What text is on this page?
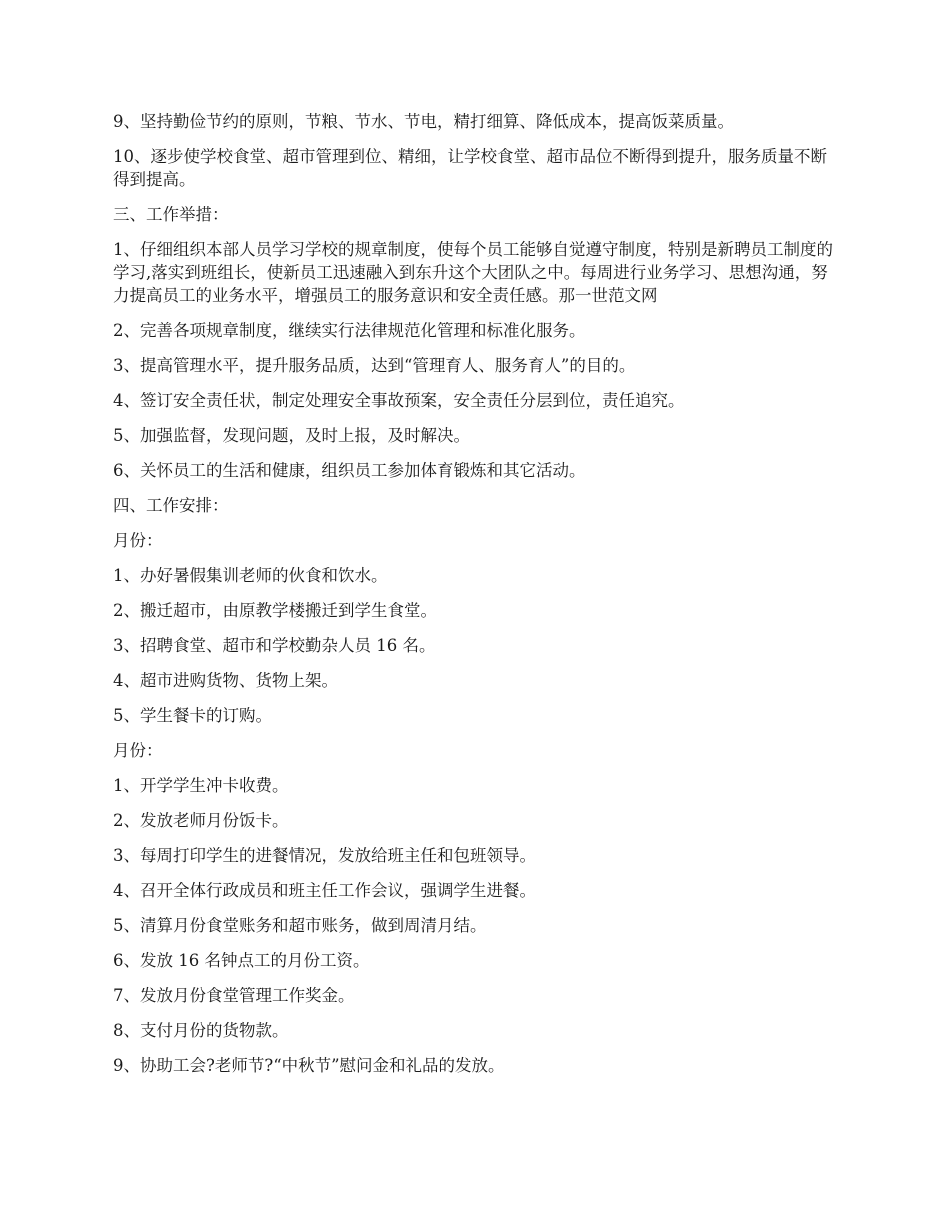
9、坚持勤俭节约的原则，节粮、节水、节电，精打细算、降低成本，提高饭菜质量。

10、逐步使学校食堂、超市管理到位、精细，让学校食堂、超市品位不断得到提升，服务质量不断得到提高。

三、工作举措：

1、仔细组织本部人员学习学校的规章制度，使每个员工能够自觉遵守制度，特别是新聘员工制度的学习,落实到班组长，使新员工迅速融入到东升这个大团队之中。每周进行业务学习、思想沟通，努力提高员工的业务水平，增强员工的服务意识和安全责任感。那一世范文网

2、完善各项规章制度，继续实行法律规范化管理和标准化服务。

3、提高管理水平，提升服务品质，达到“管理育人、服务育人”的目的。

4、签订安全责任状，制定处理安全事故预案，安全责任分层到位，责任追究。

5、加强监督，发现问题，及时上报，及时解决。

6、关怀员工的生活和健康，组织员工参加体育锻炼和其它活动。

四、工作安排：

月份：

1、办好暑假集训老师的伙食和饮水。

2、搬迁超市，由原教学楼搬迁到学生食堂。

3、招聘食堂、超市和学校勤杂人员 16 名。

4、超市进购货物、货物上架。

5、学生餐卡的订购。

月份：

1、开学学生冲卡收费。

2、发放老师月份饭卡。

3、每周打印学生的进餐情况，发放给班主任和包班领导。

4、召开全体行政成员和班主任工作会议，强调学生进餐。

5、清算月份食堂账务和超市账务，做到周清月结。

6、发放 16 名钟点工的月份工资。

7、发放月份食堂管理工作奖金。

8、支付月份的货物款。

9、协助工会?老师节?“中秋节”慰问金和礼品的发放。
